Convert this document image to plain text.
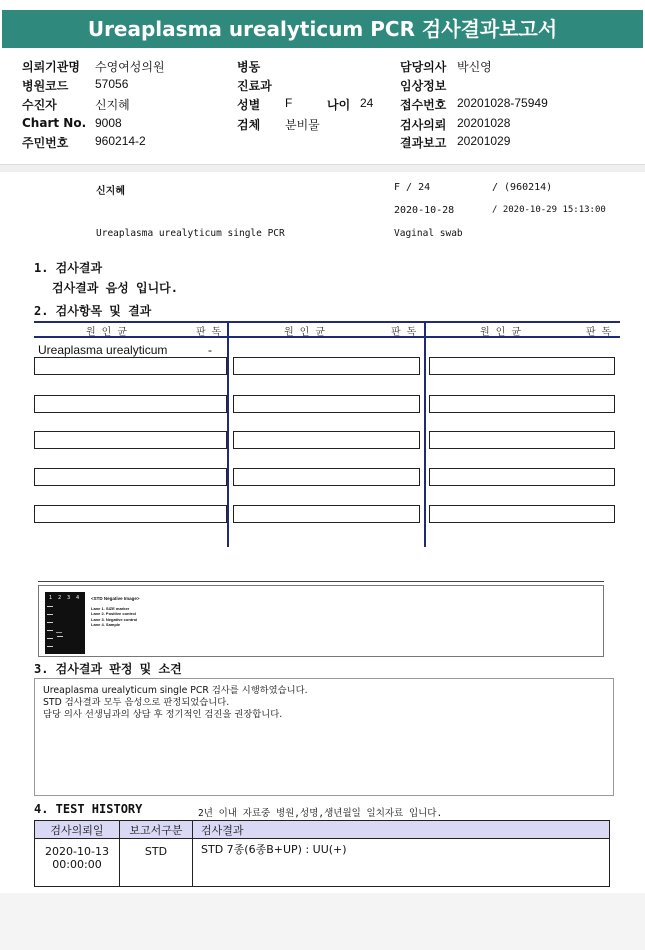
Ureaplasma urealyticum PCR 검사결과보고서
의뢰기관명 수영여성의원
병원코드 57056
수진자	신지혜
Chart No. 9008
주민번호 960214-2
병동
진료과
성별 F	나이 24
검체 분비물
담당의사 박신영
임상정보
접수번호 20201028-75949
검사의뢰 20201028
결과보고 20201029
신지혜	F / 24	/ (960214)
2020-10-28	/ 2020-10-29 15:13:00
Ureaplasma urealyticum single PCR	Vaginal swab
1. 검사결과
검사결과 음성 입니다.
2. 검사항목 및 결과
원 인 균	판 독	원 인 균	판 독	원 인 균	판 독
Ureaplasma urealyticum	-
1 2 3 4	<STD Negative Image>
Lane 1. SIZE marker
Lane 2. Positive control
Lane 3. Negative control
Lane 4. Sample
3. 검사결과 판정 및 소견
Ureaplasma urealyticum single PCR 검사를 시행하였습니다.
STD 검사결과 모두 음성으로 판정되었습니다.
담당 의사 선생님과의 상담 후 정기적인 검진을 권장합니다.
4. TEST HISTORY	2년 이내 자료중 병원,성명,생년월일 일치자료 입니다.
검사의뢰일	보고서구분	검사결과

2020-10-13
00:00:00	STD	STD 7종(6종B+UP) : UU(+)
